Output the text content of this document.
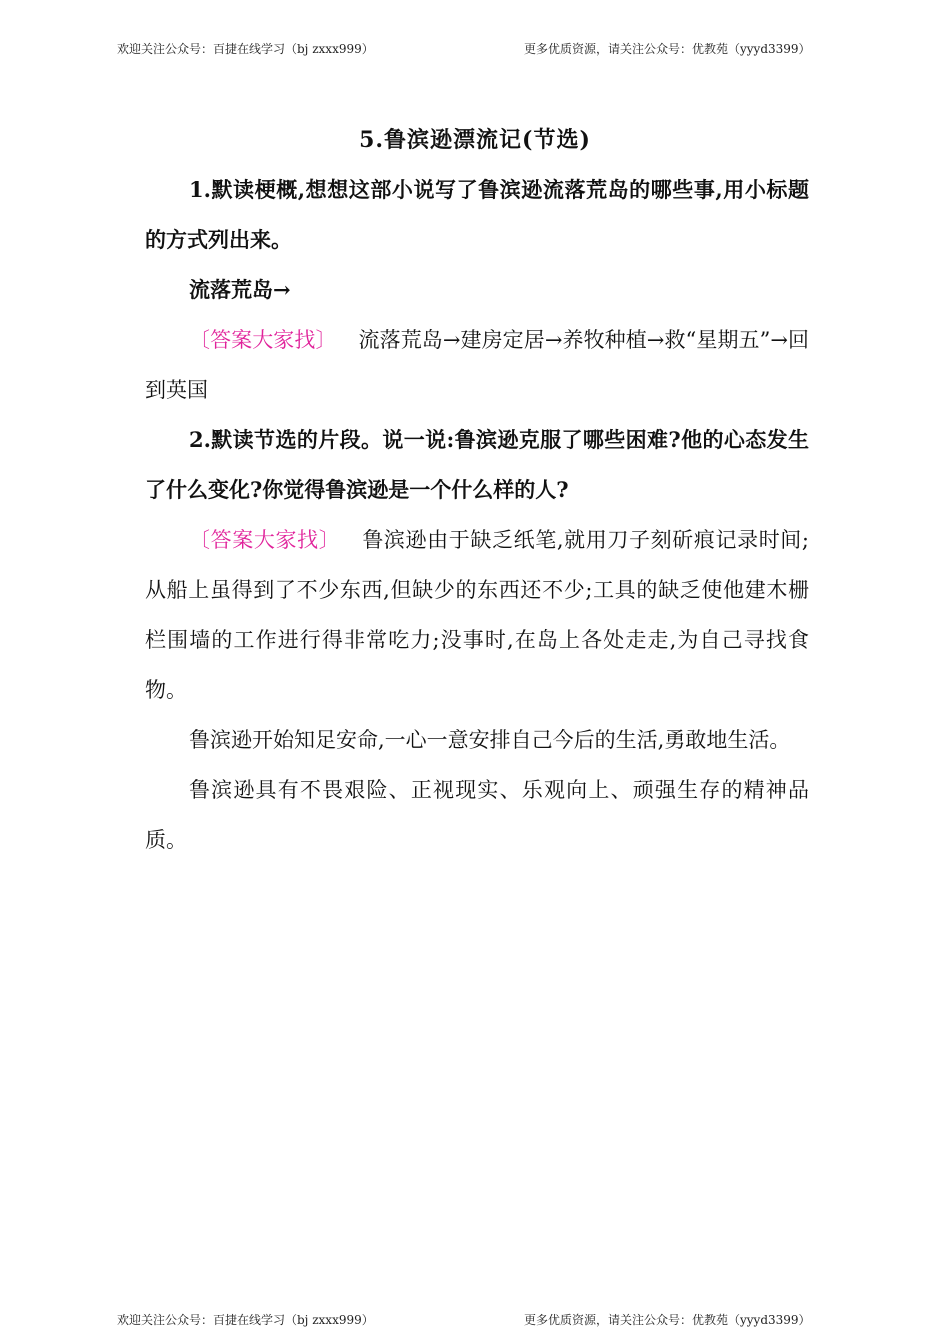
欢迎关注公众号：百捷在线学习（bj zxxx999）	更多优质资源，请关注公众号：优教苑（yyyd3399）
5.鲁滨逊漂流记(节选)

1.默读梗概,想想这部小说写了鲁滨逊流落荒岛的哪些事,用小标题的方式列出来。

流落荒岛→

〔答案大家找〕 流落荒岛→建房定居→养牧种植→救“星期五”→回到英国

2.默读节选的片段。说一说:鲁滨逊克服了哪些困难?他的心态发生了什么变化?你觉得鲁滨逊是一个什么样的人?

〔答案大家找〕 鲁滨逊由于缺乏纸笔,就用刀子刻斫痕记录时间;从船上虽得到了不少东西,但缺少的东西还不少;工具的缺乏使他建木栅栏围墙的工作进行得非常吃力;没事时,在岛上各处走走,为自己寻找食物。

鲁滨逊开始知足安命,一心一意安排自己今后的生活,勇敢地生活。

鲁滨逊具有不畏艰险、正视现实、乐观向上、顽强生存的精神品质。

欢迎关注公众号：百捷在线学习（bj zxxx999）	更多优质资源，请关注公众号：优教苑（yyyd3399）
